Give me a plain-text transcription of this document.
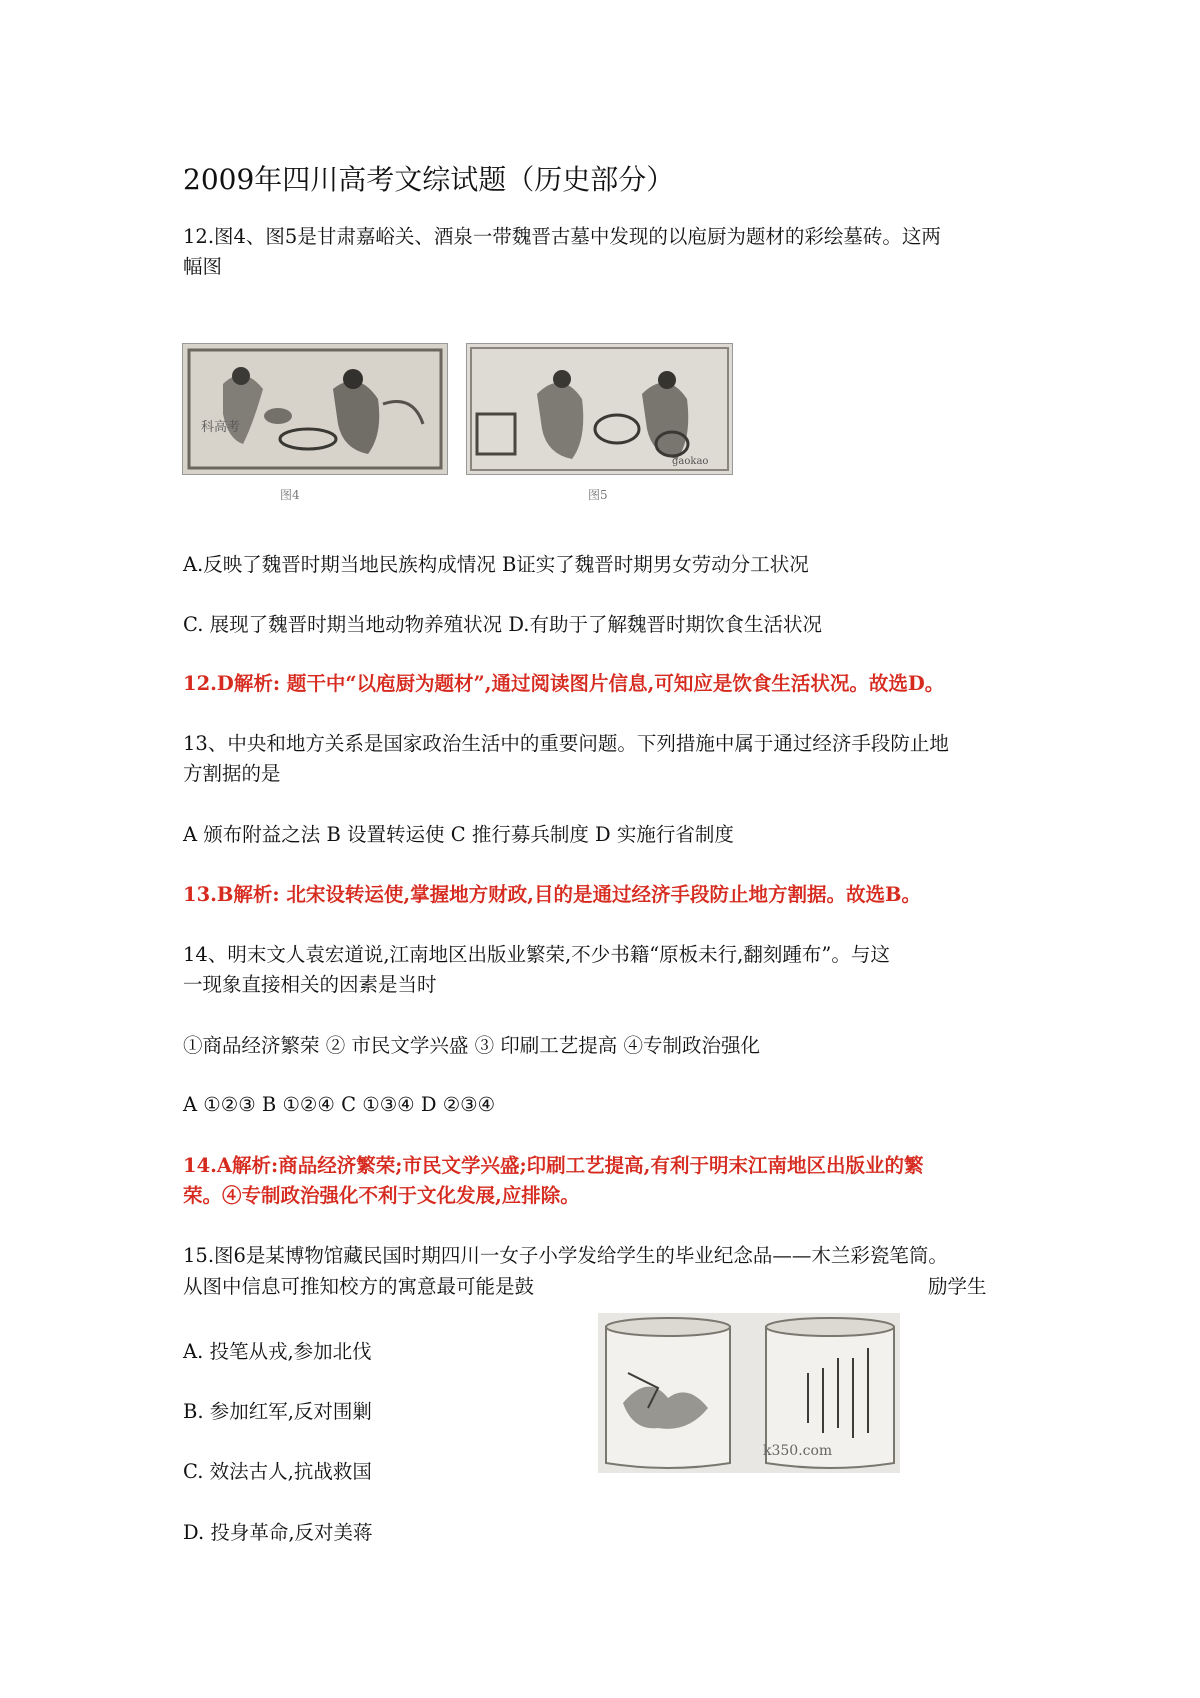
2009年四川高考文综试题（历史部分）
12.图4、图5是甘肃嘉峪关、酒泉一带魏晋古墓中发现的以庖厨为题材的彩绘墓砖。这两
幅图
科高考
图4
gaokao
图5
A.反映了魏晋时期当地民族构成情况 B证实了魏晋时期男女劳动分工状况
C. 展现了魏晋时期当地动物养殖状况 D.有助于了解魏晋时期饮食生活状况
12.D解析: 题干中“以庖厨为题材”,通过阅读图片信息,可知应是饮食生活状况。故选D。
13、中央和地方关系是国家政治生活中的重要问题。下列措施中属于通过经济手段防止地
方割据的是
A 颁布附益之法 B 设置转运使 C 推行募兵制度 D 实施行省制度
13.B解析: 北宋设转运使,掌握地方财政,目的是通过经济手段防止地方割据。故选B。
14、明末文人袁宏道说,江南地区出版业繁荣,不少书籍“原板未行,翻刻踵布”。与这
一现象直接相关的因素是当时
①商品经济繁荣 ② 市民文学兴盛 ③ 印刷工艺提高 ④专制政治强化
A ①②③ B ①②④ C ①③④ D ②③④
14.A解析:商品经济繁荣;市民文学兴盛;印刷工艺提高,有利于明末江南地区出版业的繁
荣。④专制政治强化不利于文化发展,应排除。
15.图6是某博物馆藏民国时期四川一女子小学发给学生的毕业纪念品——木兰彩瓷笔筒。
从图中信息可推知校方的寓意最可能是鼓	励学生
k350.com
A. 投笔从戎,参加北伐
B. 参加红军,反对围剿
C. 效法古人,抗战救国
D. 投身革命,反对美蒋
